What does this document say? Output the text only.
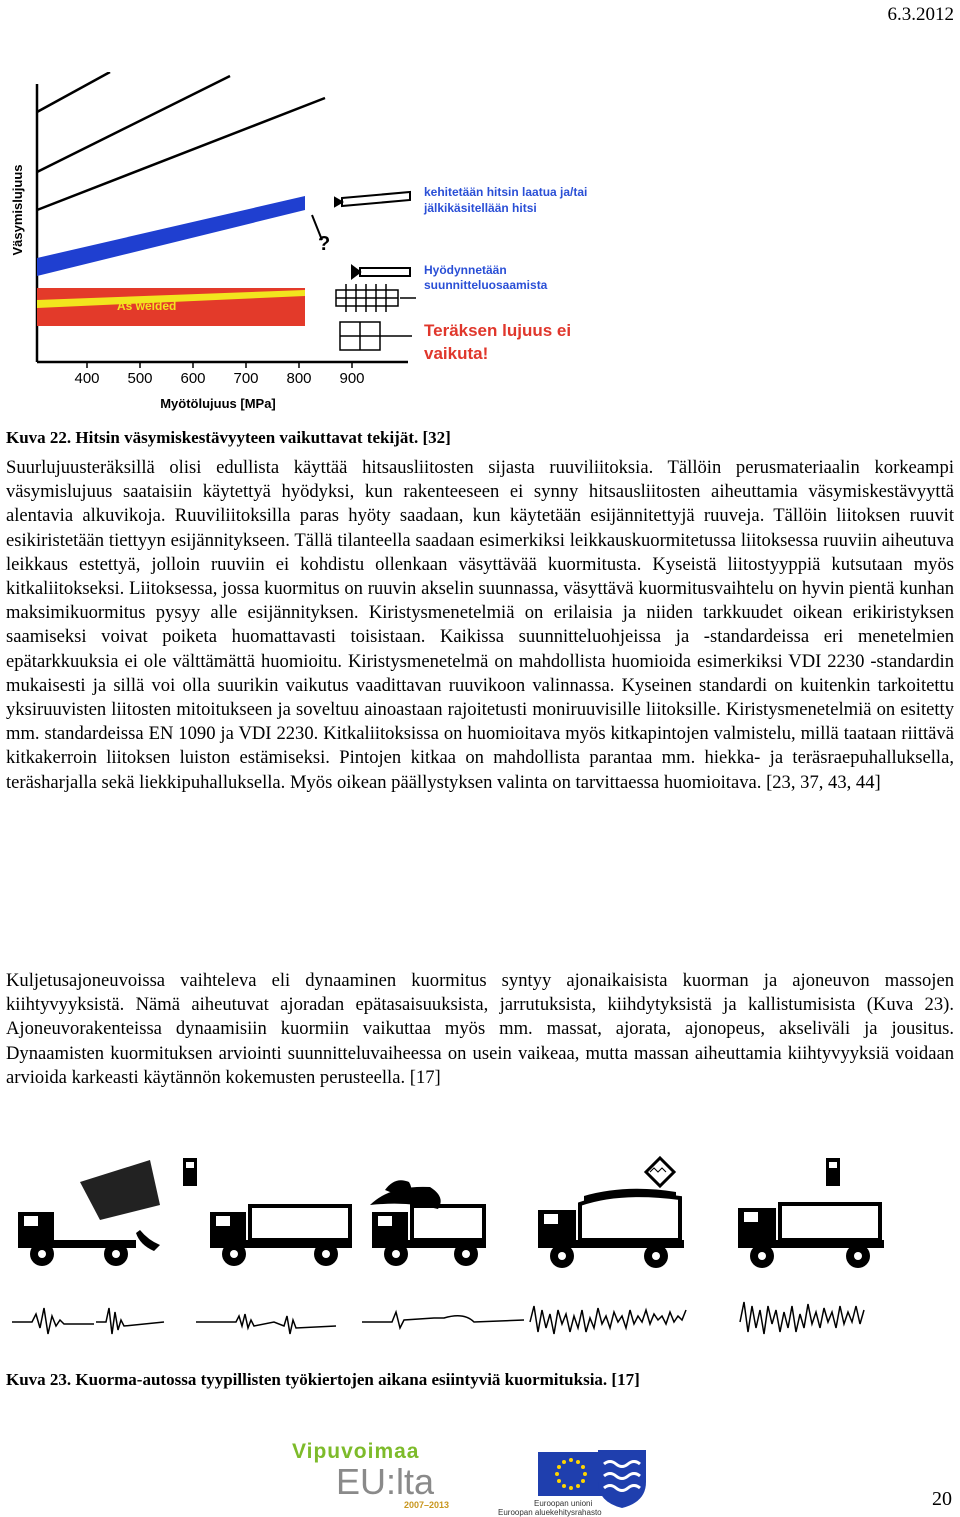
6.3.2012
Väsymislujuus
As welded
?
400 500 600 700 800 900
Myötölujuus [MPa]
kehitetään hitsin laatua ja/tai
jälkikäsitellään hitsi
Hyödynnetään
suunnitteluosaamista
Teräksen lujuus ei
vaikuta!
Kuva 22. Hitsin väsymiskestävyyteen vaikuttavat tekijät. [32]

Suurlujuusteräksillä olisi edullista käyttää hitsausliitosten sijasta ruuviliitoksia. Tällöin perusmateriaalin korkeampi väsymislujuus saataisiin käytettyä hyödyksi, kun rakenteeseen ei synny hitsausliitosten aiheuttamia väsymiskestävyyttä alentavia alkuvikoja. Ruuviliitoksilla paras hyöty saadaan, kun käytetään esijännitettyjä ruuveja. Tällöin liitoksen ruuvit esikiristetään tiettyyn esijännitykseen. Tällä tilanteella saadaan esimerkiksi leikkauskuormitetussa liitoksessa ruuviin aiheutuva leikkaus estettyä, jolloin ruuviin ei kohdistu ollenkaan väsyttävää kuormitusta. Kyseistä liitostyyppiä kutsutaan myös kitkaliitokseksi. Liitoksessa, jossa kuormitus on ruuvin akselin suunnassa, väsyttävä kuormitusvaihtelu on hyvin pientä kunhan maksimikuormitus pysyy alle esijännityksen. Kiristysmenetelmiä on erilaisia ja niiden tarkkuudet oikean erikiristyksen saamiseksi voivat poiketa huomattavasti toisistaan. Kaikissa suunnitteluohjeissa ja -standardeissa eri menetelmien epätarkkuuksia ei ole välttämättä huomioitu. Kiristysmenetelmä on mahdollista huomioida esimerkiksi VDI 2230 -standardin mukaisesti ja sillä voi olla suurikin vaikutus vaadittavan ruuvikoon valinnassa. Kyseinen standardi on kuitenkin tarkoitettu yksiruuvisten liitosten mitoitukseen ja soveltuu ainoastaan rajoitetusti moniruuvisille liitoksille. Kiristysmenetelmiä on esitetty mm. standardeissa EN 1090 ja VDI 2230. Kitkaliitoksissa on huomioitava myös kitkapintojen valmistelu, millä taataan riittävä kitkakerroin liitoksen luiston estämiseksi. Pintojen kitkaa on mahdollista parantaa mm. hiekka- ja teräsraepuhalluksella, teräsharjalla sekä liekkipuhalluksella. Myös oikean päällystyksen valinta on tarvittaessa huomioitava. [23, 37, 43, 44]

Kuljetusajoneuvoissa vaihteleva eli dynaaminen kuormitus syntyy ajonaikaisista kuorman ja ajoneuvon massojen kiihtyvyyksistä. Nämä aiheutuvat ajoradan epätasaisuuksista, jarrutuksista, kiihdytyksistä ja kallistumisista (Kuva 23). Ajoneuvorakenteissa dynaamisiin kuormiin vaikuttaa myös mm. massat, ajorata, ajonopeus, akseliväli ja jousitus. Dynaamisten kuormituksen arviointi suunnitteluvaiheessa on usein vaikeaa, mutta massan aiheuttamia kiihtyvyyksiä voidaan arvioida karkeasti käytännön kokemusten perusteella. [17]

Kuva 23. Kuorma-autossa tyypillisten työkiertojen aikana esiintyviä kuormituksia. [17]
Vipuvoimaa
EU:lta
2007–2013	Euroopan unioni
Euroopan aluekehitysrahasto
20
